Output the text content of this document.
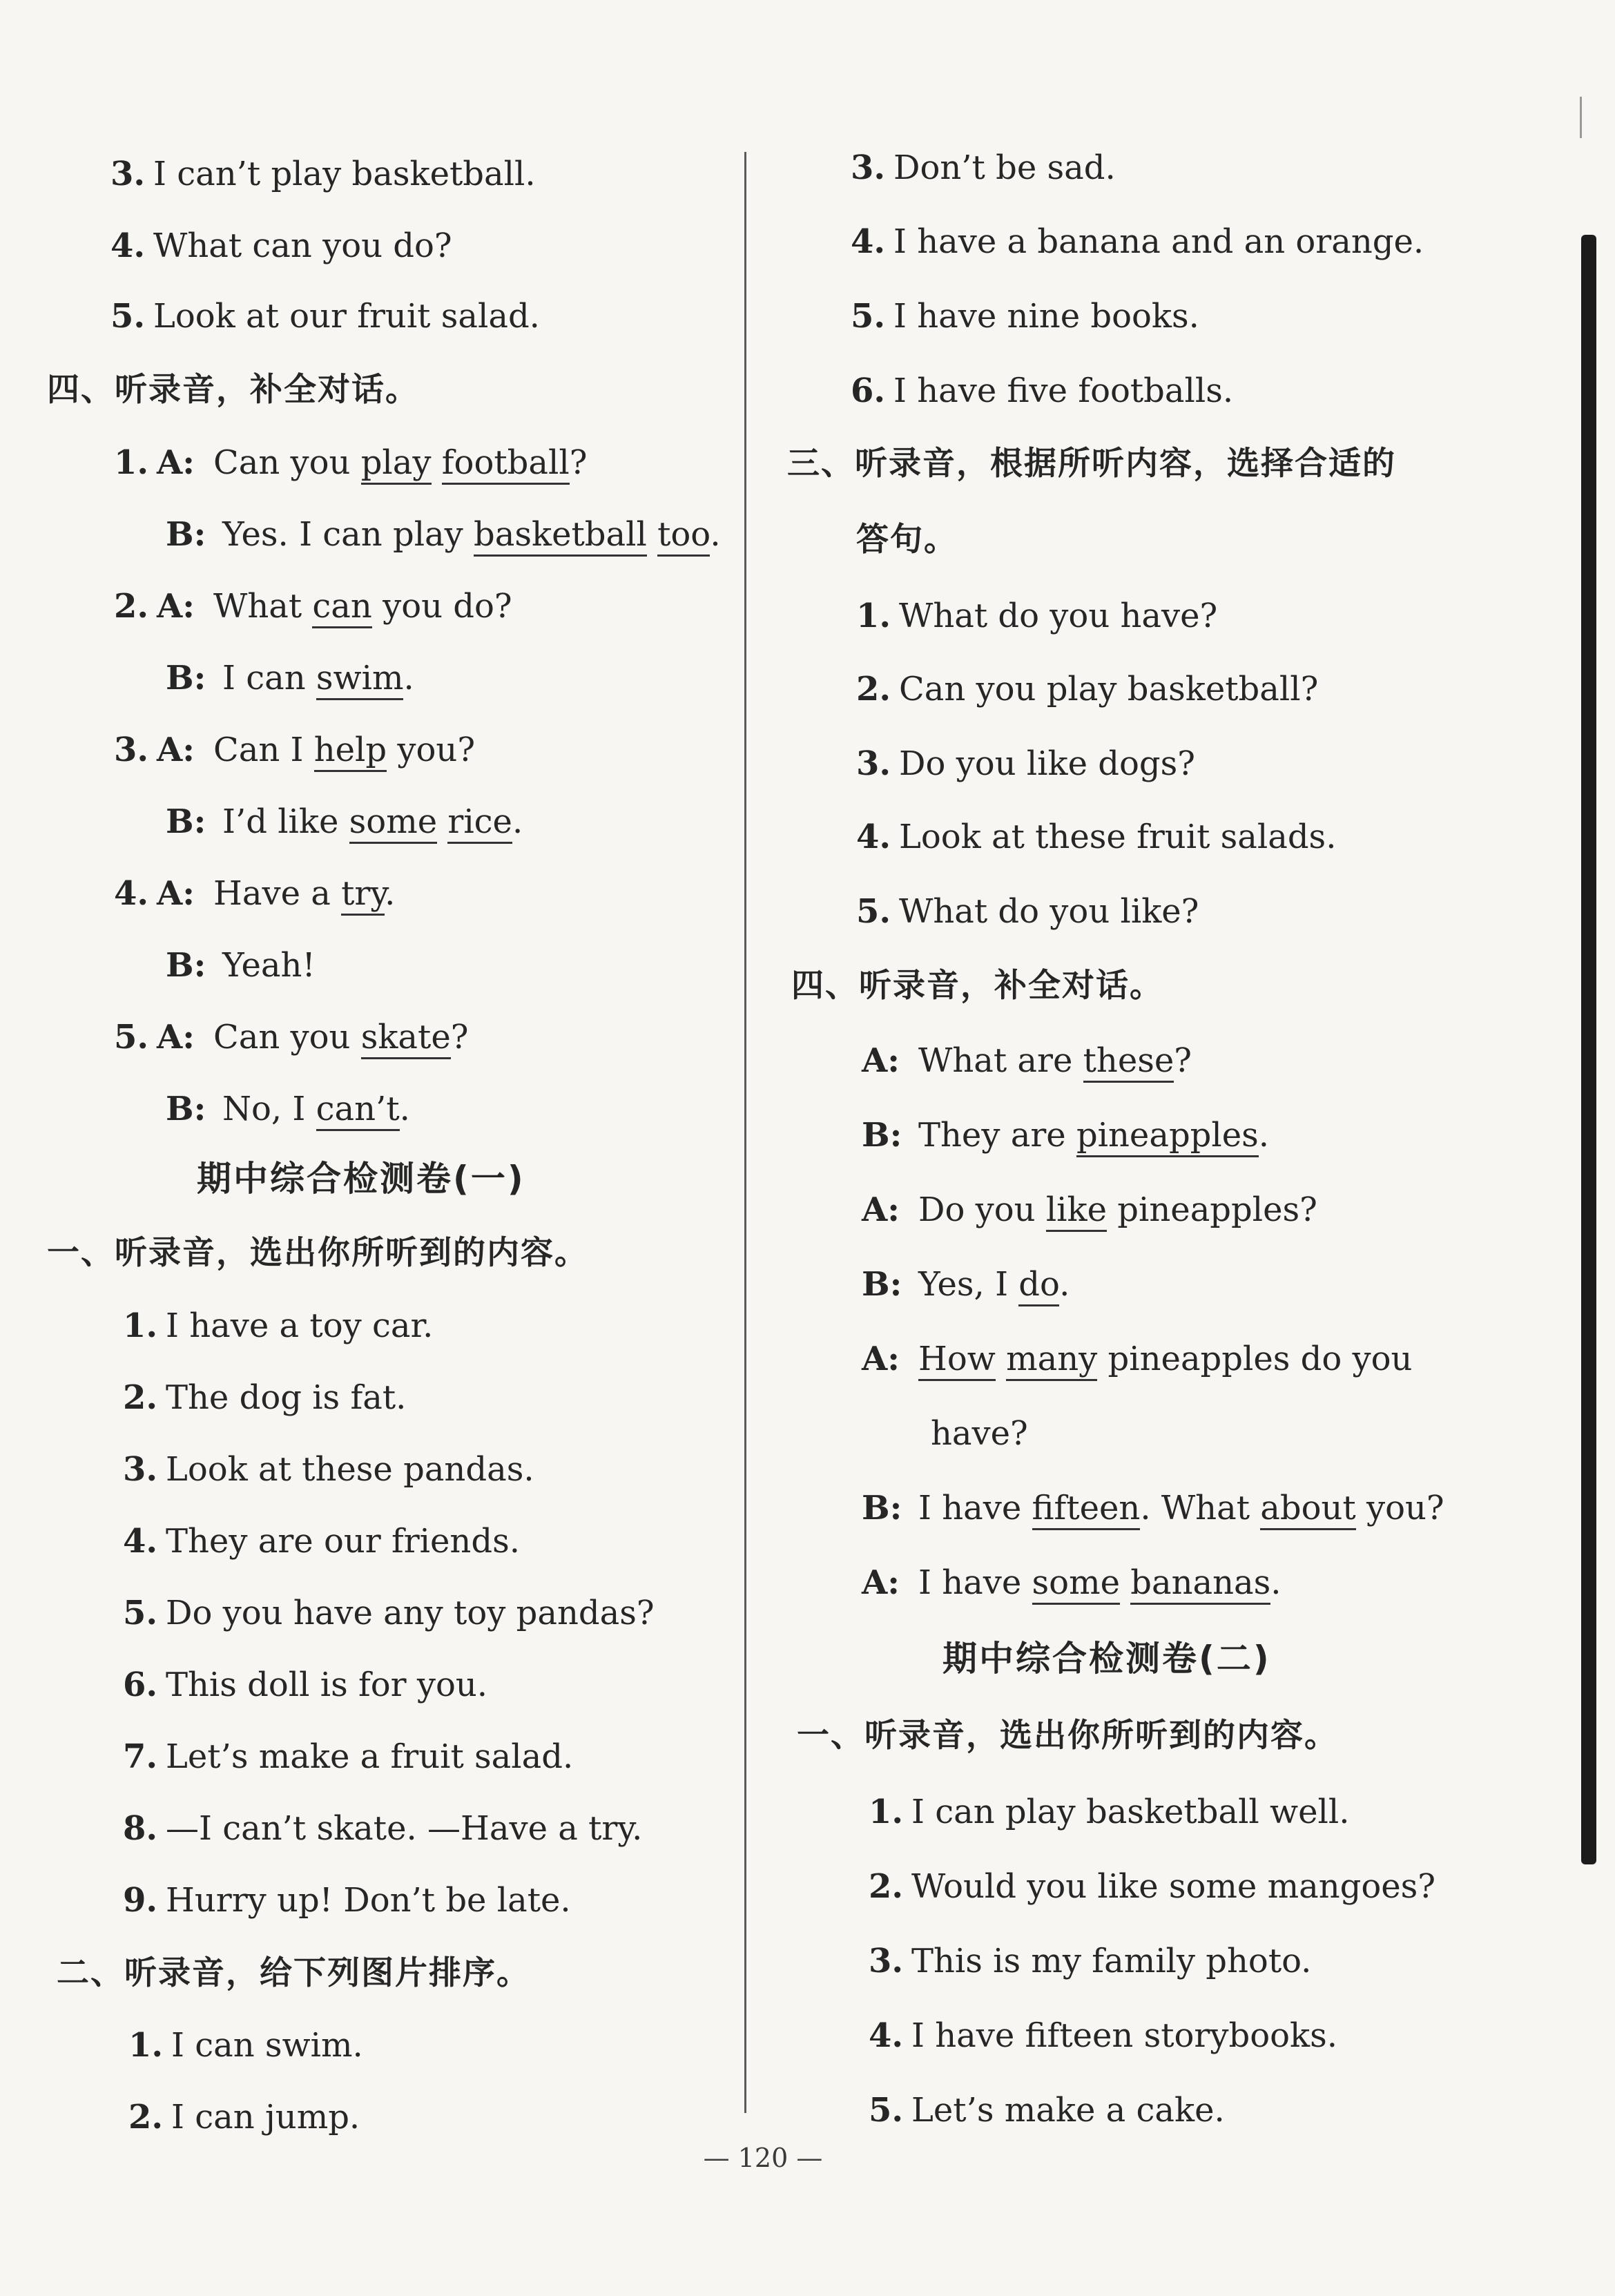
3. I can’t play basketball.
4. What can you do?
5. Look at our fruit salad.
四、听录音，补全对话。
1. A: Can you play football?
B: Yes. I can play basketball too.
2. A: What can you do?
B: I can swim.
3. A: Can I help you?
B: I’d like some rice.
4. A: Have a try.
B: Yeah!
5. A: Can you skate?
B: No, I can’t.
期中综合检测卷(一)
一、听录音，选出你所听到的内容。
1. I have a toy car.
2. The dog is fat.
3. Look at these pandas.
4. They are our friends.
5. Do you have any toy pandas?
6. This doll is for you.
7. Let’s make a fruit salad.
8. —I can’t skate. —Have a try.
9. Hurry up! Don’t be late.
二、听录音，给下列图片排序。
1. I can swim.
2. I can jump.
3. Don’t be sad.
4. I have a banana and an orange.
5. I have nine books.
6. I have five footballs.
三、听录音，根据所听内容，选择合适的
答句。
1. What do you have?
2. Can you play basketball?
3. Do you like dogs?
4. Look at these fruit salads.
5. What do you like?
四、听录音，补全对话。
A: What are these?
B: They are pineapples.
A: Do you like pineapples?
B: Yes, I do.
A: How many pineapples do you
have?
B: I have fifteen. What about you?
A: I have some bananas.
期中综合检测卷(二)
一、听录音，选出你所听到的内容。
1. I can play basketball well.
2. Would you like some mangoes?
3. This is my family photo.
4. I have fifteen storybooks.
5. Let’s make a cake.
— 120 —
